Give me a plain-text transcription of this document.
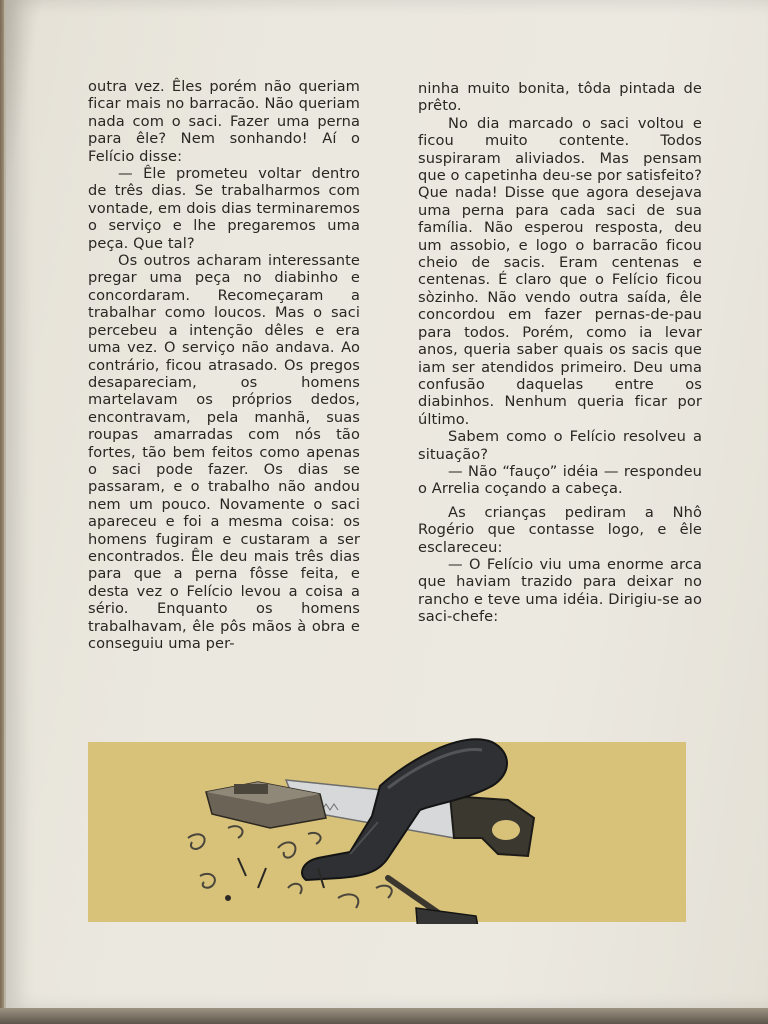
outra vez. Êles porém não queriam ficar mais no barracão. Não queriam nada com o saci. Fazer uma perna para êle? Nem sonhando! Aí o Felício disse:

— Êle prometeu voltar dentro de três dias. Se trabalharmos com vontade, em dois dias terminaremos o serviço e lhe pregaremos uma peça. Que tal?

Os outros acharam interessante pregar uma peça no diabinho e concordaram. Recomeçaram a trabalhar como loucos. Mas o saci percebeu a intenção dêles e era uma vez. O serviço não andava. Ao contrário, ficou atrasado. Os pregos desapareciam, os homens martelavam os próprios dedos, encontravam, pela manhã, suas roupas amarradas com nós tão fortes, tão bem feitos como apenas o saci pode fazer. Os dias se passaram, e o trabalho não andou nem um pouco. Novamente o saci apareceu e foi a mesma coisa: os homens fugiram e custaram a ser encontrados. Êle deu mais três dias para que a perna fôsse feita, e desta vez o Felício levou a coisa a sério. Enquanto os homens trabalhavam, êle pôs mãos à obra e conseguiu uma per-

ninha muito bonita, tôda pintada de prêto.

No dia marcado o saci voltou e ficou muito contente. Todos suspiraram aliviados. Mas pensam que o capetinha deu-se por satisfeito? Que nada! Disse que agora desejava uma perna para cada saci de sua família. Não esperou resposta, deu um assobio, e logo o barracão ficou cheio de sacis. Eram centenas e centenas. É claro que o Felício ficou sòzinho. Não vendo outra saída, êle concordou em fazer pernas-de-pau para todos. Porém, como ia levar anos, queria saber quais os sacis que iam ser atendidos primeiro. Deu uma confusão daquelas entre os diabinhos. Nenhum queria ficar por último.

Sabem como o Felício resolveu a situação?

— Não “fauço” idéia — respondeu o Arrelia coçando a cabeça.

As crianças pediram a Nhô Rogério que contasse logo, e êle esclareceu:

— O Felício viu uma enorme arca que haviam trazido para deixar no rancho e teve uma idéia. Dirigiu-se ao saci-chefe:
